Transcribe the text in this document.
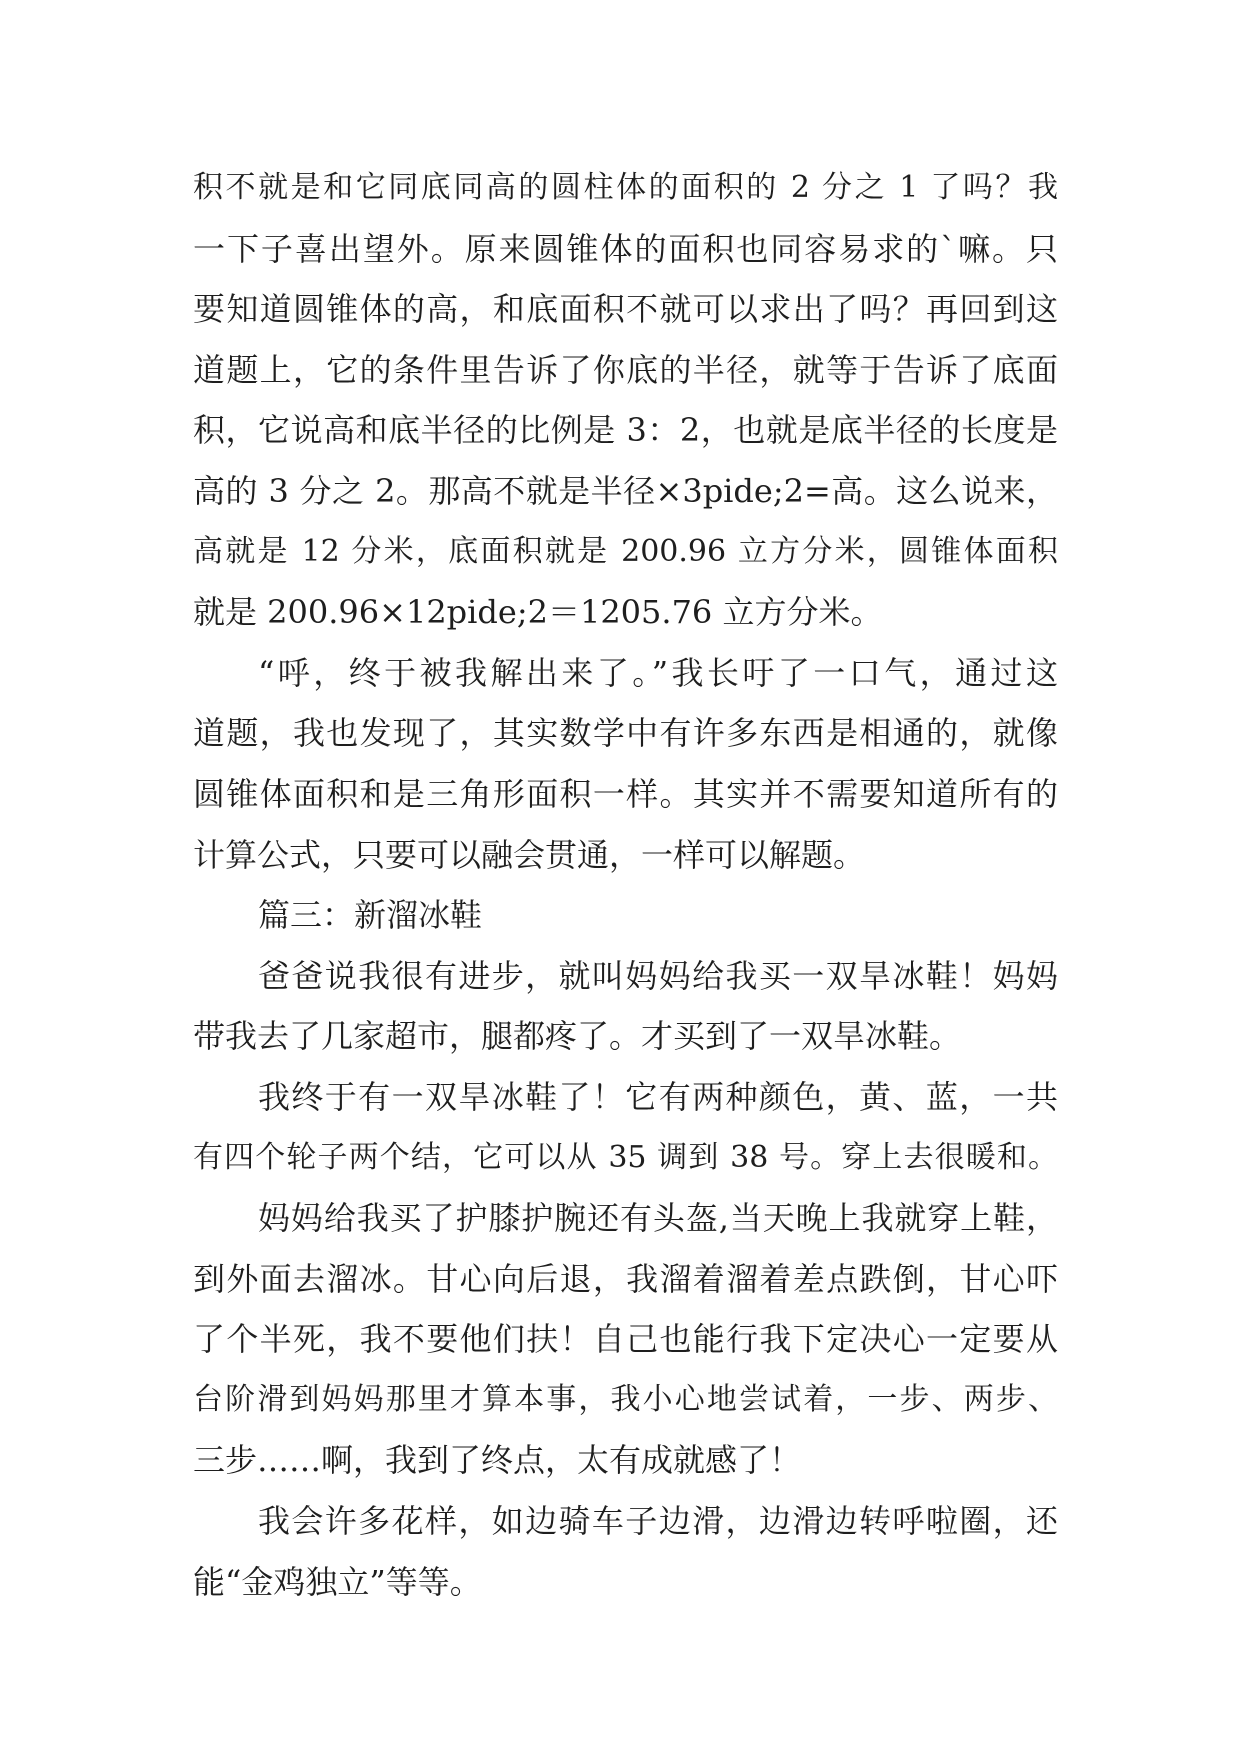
积不就是和它同底同高的圆柱体的面积的 2 分之 1 了吗？我
一下子喜出望外。原来圆锥体的面积也同容易求的`嘛。只
要知道圆锥体的高，和底面积不就可以求出了吗？再回到这
道题上，它的条件里告诉了你底的半径，就等于告诉了底面
积，它说高和底半径的比例是 3：2，也就是底半径的长度是
高的 3 分之 2。那高不就是半径×3pide;2=高。这么说来，
高就是 12 分米，底面积就是 200.96 立方分米，圆锥体面积
就是 200.96×12pide;2＝1205.76 立方分米。
“呼，终于被我解出来了。”我长吁了一口气，通过这
道题，我也发现了，其实数学中有许多东西是相通的，就像
圆锥体面积和是三角形面积一样。其实并不需要知道所有的
计算公式，只要可以融会贯通，一样可以解题。
篇三：新溜冰鞋
爸爸说我很有进步，就叫妈妈给我买一双旱冰鞋！妈妈
带我去了几家超市，腿都疼了。才买到了一双旱冰鞋。
我终于有一双旱冰鞋了！它有两种颜色，黄、蓝，一共
有四个轮子两个结，它可以从 35 调到 38 号。穿上去很暖和。
妈妈给我买了护膝护腕还有头盔,当天晚上我就穿上鞋，
到外面去溜冰。甘心向后退，我溜着溜着差点跌倒，甘心吓
了个半死，我不要他们扶！自己也能行我下定决心一定要从
台阶滑到妈妈那里才算本事，我小心地尝试着，一步、两步、
三步……啊，我到了终点，太有成就感了！
我会许多花样，如边骑车子边滑，边滑边转呼啦圈，还
能“金鸡独立”等等。
